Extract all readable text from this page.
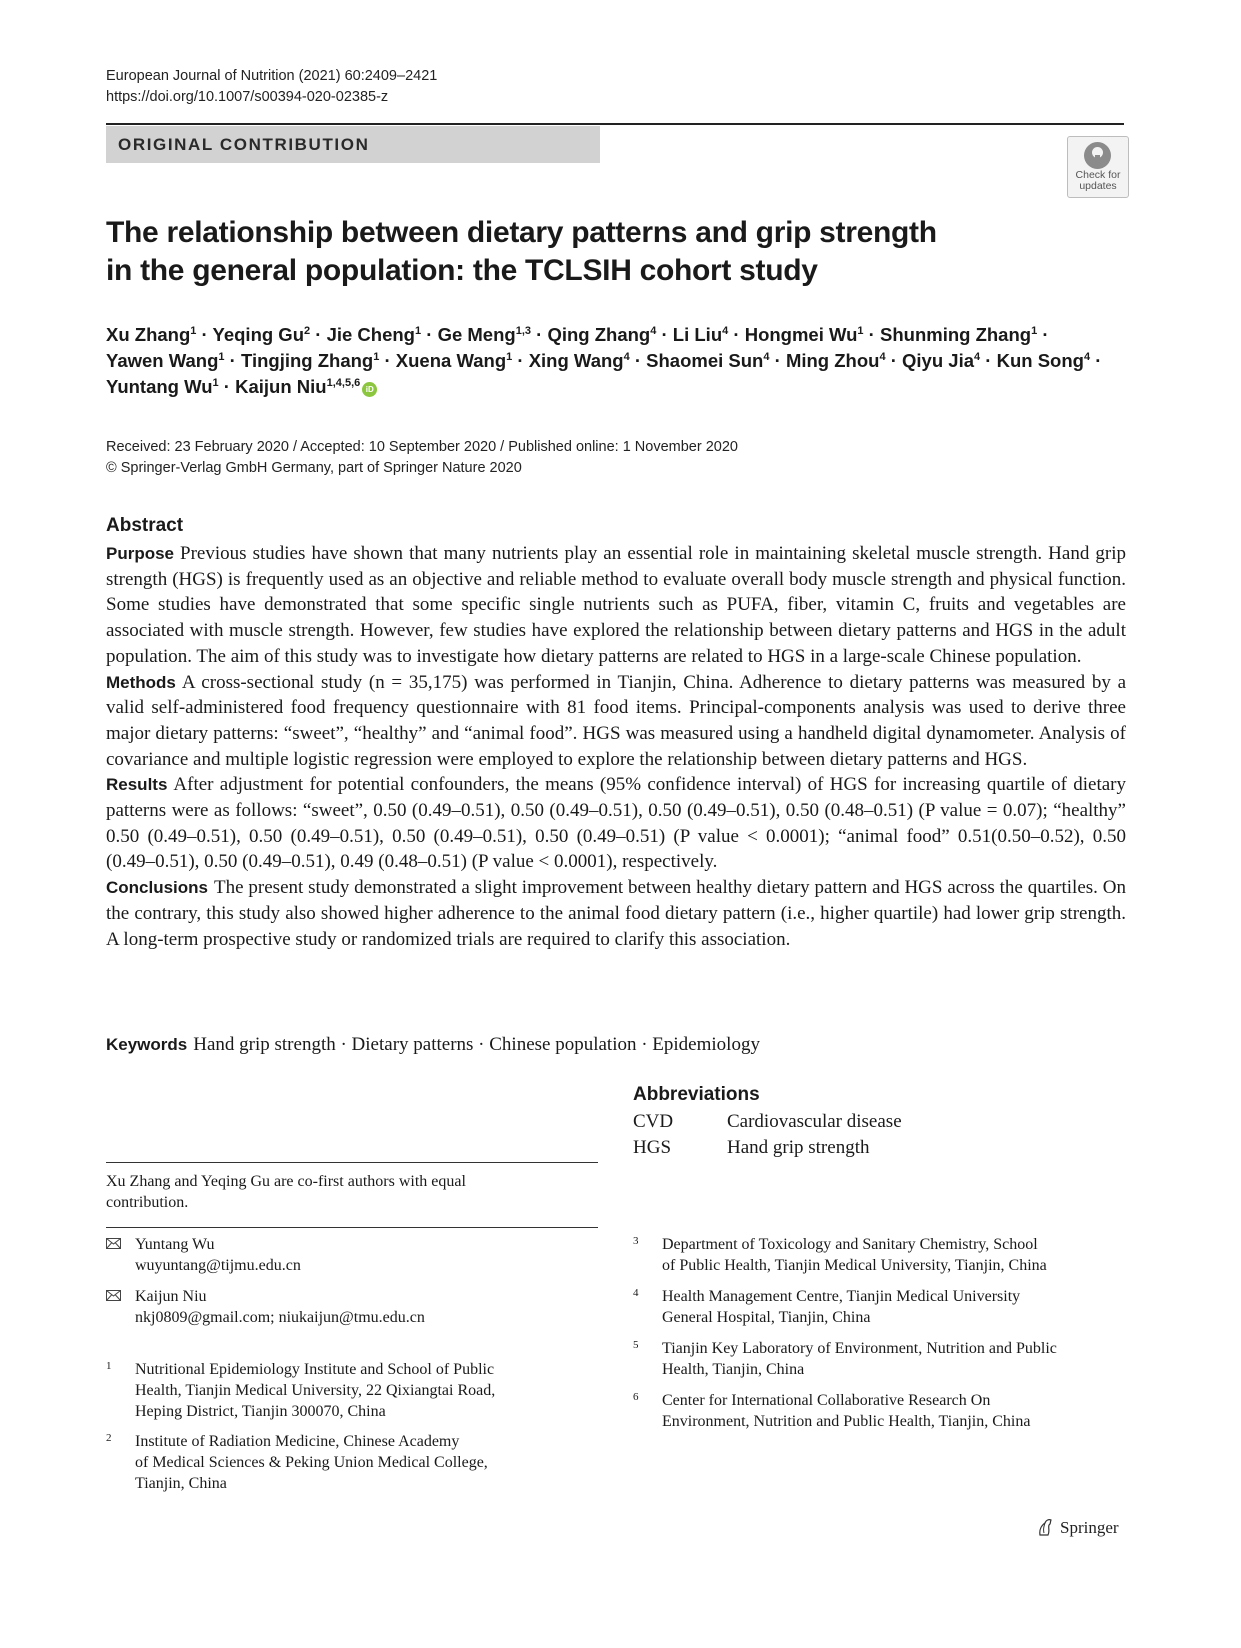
European Journal of Nutrition (2021) 60:2409–2421
https://doi.org/10.1007/s00394-020-02385-z
ORIGINAL CONTRIBUTION
Check for
updates
The relationship between dietary patterns and grip strength
in the general population: the TCLSIH cohort study
Xu Zhang$^1$ · Yeqing $Gu^2$ · Jie Cheng$^1$ · Ge Meng$^{1,3}$ · Qing Zhang$^4$ · Li Liu$^4$ · Hongmei $Wu^1$ · Shunming Zhang$^1$ ·
Yawen Wang$^1$ · Tingjing Zhang$^1$ · Xuena Wang$^1$ · Xing Wang$^4$ · Shaomei Sun$^4$ · Ming Zhou$^4$ · Qiyu Jia$^4$ · Kun Song$^4$ ·
Yuntang $Wu^1$ · Kaijun Niu$^{1,4,5,6}$iD
Received: 23 February 2020 / Accepted: 10 September 2020 / Published online: 1 November 2020
© Springer-Verlag GmbH Germany, part of Springer Nature 2020
Abstract

Purpose Previous studies have shown that many nutrients play an essential role in maintaining skeletal muscle strength. Hand grip strength (HGS) is frequently used as an objective and reliable method to evaluate overall body muscle strength and physical function. Some studies have demonstrated that some specific single nutrients such as PUFA, fiber, vitamin C, fruits and vegetables are associated with muscle strength. However, few studies have explored the relationship between dietary patterns and HGS in the adult population. The aim of this study was to investigate how dietary patterns are related to HGS in a large-scale Chinese population.

Methods A cross-sectional study (n = 35,175) was performed in Tianjin, China. Adherence to dietary patterns was measured by a valid self-administered food frequency questionnaire with 81 food items. Principal-components analysis was used to derive three major dietary patterns: “sweet”, “healthy” and “animal food”. HGS was measured using a handheld digital dynamometer. Analysis of covariance and multiple logistic regression were employed to explore the relationship between dietary patterns and HGS.

Results After adjustment for potential confounders, the means (95% confidence interval) of HGS for increasing quartile of dietary patterns were as follows: “sweet”, 0.50 (0.49–0.51), 0.50 (0.49–0.51), 0.50 (0.49–0.51), 0.50 (0.48–0.51) (P value = 0.07); “healthy” 0.50 (0.49–0.51), 0.50 (0.49–0.51), 0.50 (0.49–0.51), 0.50 (0.49–0.51) (P value < 0.0001); “animal food” 0.51(0.50–0.52), 0.50 (0.49–0.51), 0.50 (0.49–0.51), 0.49 (0.48–0.51) (P value < 0.0001), respectively.

Conclusions The present study demonstrated a slight improvement between healthy dietary pattern and HGS across the quartiles. On the contrary, this study also showed higher adherence to the animal food dietary pattern (i.e., higher quartile) had lower grip strength. A long-term prospective study or randomized trials are required to clarify this association.

Keywords Hand grip strength · Dietary patterns · Chinese population · Epidemiology
Abbreviations
CVD	Cardiovascular disease
HGS	Hand grip strength
Xu Zhang and Yeqing Gu are co-first authors with equal
contribution.
Yuntang Wu
wuyuntang@tijmu.edu.cn
Kaijun Niu
nkj0809@gmail.com; niukaijun@tmu.edu.cn
1 Nutritional Epidemiology Institute and School of Public
Health, Tianjin Medical University, 22 Qixiangtai Road,
Heping District, Tianjin 300070, China
2 Institute of Radiation Medicine, Chinese Academy
of Medical Sciences & Peking Union Medical College,
Tianjin, China
3 Department of Toxicology and Sanitary Chemistry, School
of Public Health, Tianjin Medical University, Tianjin, China
4 Health Management Centre, Tianjin Medical University
General Hospital, Tianjin, China
5 Tianjin Key Laboratory of Environment, Nutrition and Public
Health, Tianjin, China
6 Center for International Collaborative Research On
Environment, Nutrition and Public Health, Tianjin, China
Springer
